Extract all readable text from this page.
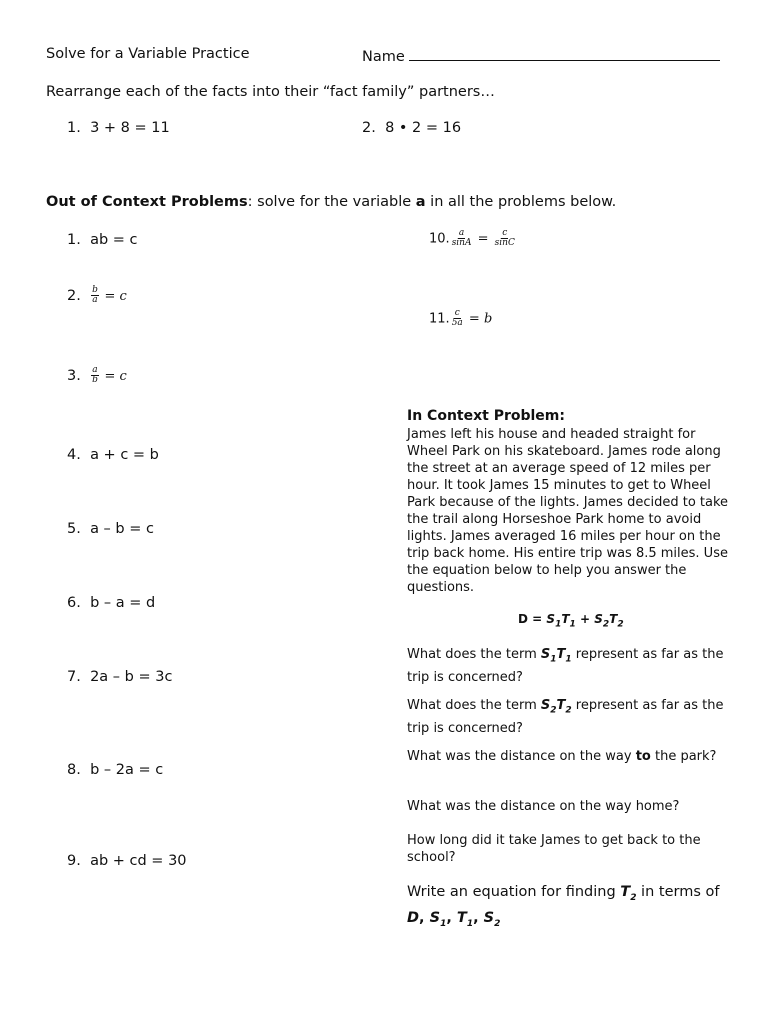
Solve for a Variable Practice	Name
Rearrange each of the facts into their “fact family” partners…
1. 3 + 8 = 11	2. 8 • 2 = 16
Out of Context Problems: solve for the variable a in all the problems below.
1. ab = c
2. $\frac{b}{a} = c$
3. $\frac{a}{b} = c$
4. a + c = b
5. a – b = c
6. b – a = d
7. 2a – b = 3c
8. b – 2a = c
9. ab + cd = 30
10. $\frac{a}{\sin A} = \frac{c}{\sin C}$
11. $\frac{c}{5a} = b$
In Context Problem:
James left his house and headed straight for Wheel Park on his skateboard. James rode along the street at an average speed of 12 miles per hour. It took James 15 minutes to get to Wheel Park because of the lights. James decided to take the trail along Horseshoe Park home to avoid lights. James averaged 16 miles per hour on the trip back home. His entire trip was 8.5 miles. Use the equation below to help you answer the questions.
$D = S_1T_1 + S_2T_2$
What does the term $S_1T_1$ represent as far as the trip is concerned?
What does the term $S_2T_2$ represent as far as the trip is concerned?
What was the distance on the way to the park?
What was the distance on the way home?
How long did it take James to get back to the school?
Write an equation for finding $T_2$ in terms of
D, $S_1$, $T_1$, $S_2$
